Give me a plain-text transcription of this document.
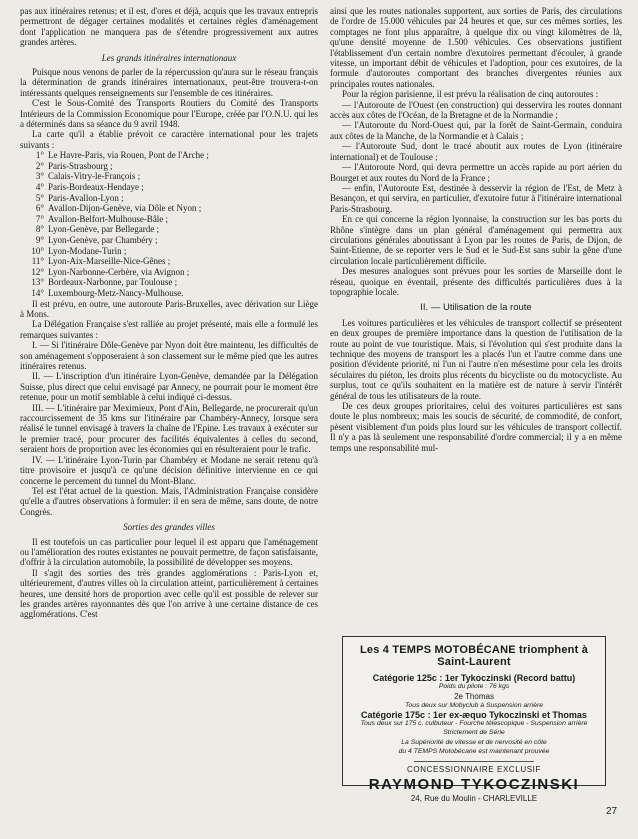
pas aux itinéraires retenus; et il est, d'ores et déjà, acquis que les travaux entrepris permettront de dégager certaines modalités et certaines règles d'aménagement dont l'application ne manquera pas de s'étendre progressivement aux autres grandes artères.

Les grands itinéraires internationaux

Puisque nous venons de parler de la répercussion qu'aura sur le réseau français la détermination de grands itinéraires internationaux, peut-être trouvera-t-on intéressants quelques renseignements sur l'ensemble de ces itinéraires.

C'est le Sous-Comité des Transports Routiers du Comité des Transports Intérieurs de la Commission Economique pour l'Europe, créée par l'O.N.U. qui les a déterminés dans sa séance du 9 avril 1948.

La carte qu'il a établie prévoit ce caractère international pour les trajets suivants :

1° Le Havre-Paris, via Rouen, Pont de l'Arche ;
2° Paris-Strasbourg ;
3° Calais-Vitry-le-François ;
4° Paris-Bordeaux-Hendaye ;
5° Paris-Avallon-Lyon ;
6° Avallon-Dijon-Genève, via Dôle et Nyon ;
7° Avallon-Belfort-Mulhouse-Bâle ;
8° Lyon-Genève, par Bellegarde ;
9° Lyon-Genève, par Chambéry ;
10° Lyon-Modane-Turin ;
11° Lyon-Aix-Marseille-Nice-Gênes ;
12° Lyon-Narbonne-Cerbère, via Avignon ;
13° Bordeaux-Narbonne, par Toulouse ;
14° Luxembourg-Metz-Nancy-Mulhouse.

Il est prévu, en outre, une autoroute Paris-Bruxelles, avec dérivation sur Liège à Mons.

La Délégation Française s'est ralliée au projet présenté, mais elle a formulé les remarques suivantes :

I. — Si l'itinéraire Dôle-Genève par Nyon doit être maintenu, les difficultés de son aménagement s'opposeraient à son classement sur le même pied que les autres itinéraires retenus.

II. — L'inscription d'un itinéraire Lyon-Genève, demandée par la Délégation Suisse, plus direct que celui envisagé par Annecy, ne pourrait pour le moment être retenue, pour un motif semblable à celui indiqué ci-dessus.

III. — L'itinéraire par Meximieux, Pont d'Ain, Bellegarde, ne procurerait qu'un raccourcissement de 35 kms sur l'itinéraire par Chambéry-Annecy, lorsque sera réalisé le tunnel envisagé à travers la chaîne de l'Epine. Les travaux à exécuter sur le premier tracé, pour procurer des facilités équivalentes à celles du second, seraient hors de proportion avec les économies qui en résulteraient pour le trafic.

IV. — L'itinéraire Lyon-Turin par Chambéry et Modane ne serait retenu qu'à titre provisoire et jusqu'à ce qu'une décision définitive intervienne en ce qui concerne le percement du tunnel du Mont-Blanc.

Tel est l'état actuel de la question. Mais, l'Administration Française considère qu'elle a d'autres observations à formuler: il en sera de même, sans doute, de notre Congrès.

Sorties des grandes villes

Il est toutefois un cas particulier pour lequel il est apparu que l'aménagement ou l'amélioration des routes existantes ne pouvait permettre, de façon satisfaisante, d'offrir à la circulation automobile, la possibilité de développer ses moyens.

Il s'agit des sorties des très grandes agglomérations : Paris-Lyon et, ultérieurement, d'autres villes où la circulation atteint, particulièrement à certaines heures, une densité hors de proportion avec celle qu'il est possible de relever sur les grandes artères rayonnantes dès que l'on arrive à une certaine distance de ces agglomérations. C'est

ainsi que les routes nationales supportent, aux sorties de Paris, des circulations de l'ordre de 15.000 véhicules par 24 heures et que, sur ces mêmes sorties, les comptages ne font plus apparaître, à quelque dix ou vingt kilomètres de là, qu'une densité moyenne de 1.500 véhicules. Ces observations justifient l'établissement d'un certain nombre d'exutoires permettant d'écouler, à grande vitesse, un important débit de véhicules et l'adoption, pour ces exutoires, de la formule d'autoroutes comportant des branches divergentes réunies aux principales routes nationales.

Pour la région parisienne, il est prévu la réalisation de cinq autoroutes :

— l'Autoroute de l'Ouest (en construction) qui desservira les routes donnant accès aux côtes de l'Océan, de la Bretagne et de la Normandie ;

— l'Autoroute du Nord-Ouest qui, par la forêt de Saint-Germain, conduira aux côtes de la Manche, de la Normandie et à Calais ;

— l'Autoroute Sud, dont le tracé aboutit aux routes de Lyon (itinéraire international) et de Toulouse ;

— l'Autoroute Nord, qui devra permettre un accès rapide au port aérien du Bourget et aux routes du Nord de la France ;

— enfin, l'Autoroute Est, destinée à desservir la région de l'Est, de Metz à Besançon, et qui servira, en particulier, d'exutoire futur à l'itinéraire international Paris-Strasbourg.

En ce qui concerne la région lyonnaise, la construction sur les bas ports du Rhône s'intègre dans un plan général d'aménagement qui permettra aux circulations générales aboutissant à Lyon par les routes de Paris, de Dijon, de Saint-Etienne, de se reporter vers le Sud et le Sud-Est sans subir la gêne d'une circulation locale particulièrement difficile.

Des mesures analogues sont prévues pour les sorties de Marseille dont le réseau, quoique en éventail, présente des difficultés particulières dues à la topographie locale.

II. — Utilisation de la route

Les voitures particulières et les véhicules de transport collectif se présentent en deux groupes de première importance dans la question de l'utilisation de la route au point de vue touristique. Mais, si l'évolution qui s'est produite dans la technique des moyens de transport les a placés l'un et l'autre comme dans une position d'évidente priorité, ni l'un ni l'autre n'en mésestime pour cela les droits séculaires du piéton, les droits plus récents du bicycliste ou du motocycliste. Au surplus, tout ce qu'ils souhaitent en la matière est de nature à servir l'intérêt général de tous les utilisateurs de la route.

De ces deux groupes prioritaires, celui des voitures particulières est sans doute le plus nombreux; mais les soucis de sécurité, de commodité, de confort, pèsent visiblement d'un poids plus lourd sur les véhicules de transport collectif. Il n'y a pas là seulement une responsabilité d'ordre commercial; il y a en même temps une responsabilité mul-

Les 4 TEMPS MOTOBÉCANE triomphent à Saint-Laurent
Catégorie 125c : 1er Tykoczinski (Record battu)
Poids du pilote : 76 kgs
2e Thomas
Tous deux sur Mobyclub à Suspension arrière
Catégorie 175c : 1er ex-æquo Tykoczinski et Thomas
Tous deux sur 175 c. culbuteur - Fourche télescopique - Suspension arrière Strictement de Série
La Supériorité de vitesse et de nervosité en côte
du 4 TEMPS Motobécane est maintenant prouvée
CONCESSIONNAIRE EXCLUSIF
RAYMOND TYKOCZINSKI
24, Rue du Moulin - CHARLEVILLE
27
